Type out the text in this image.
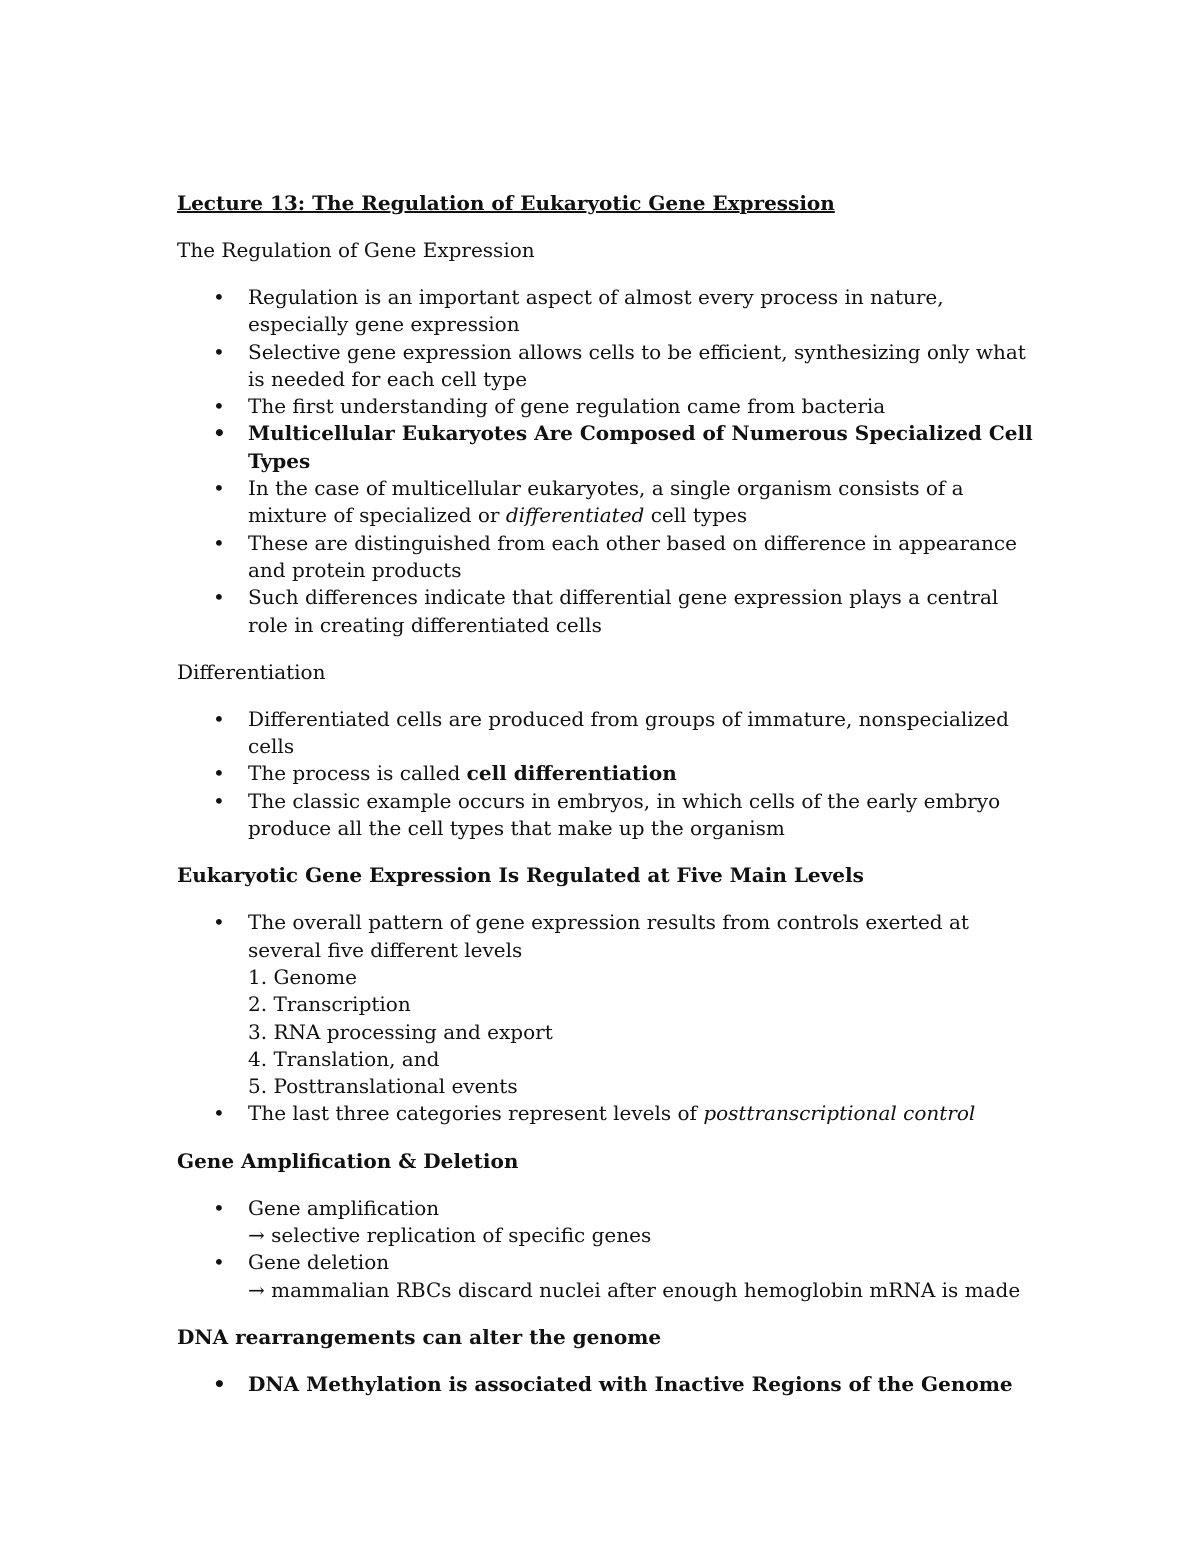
Lecture 13: The Regulation of Eukaryotic Gene Expression

The Regulation of Gene Expression

• Regulation is an important aspect of almost every process in nature,
especially gene expression
• Selective gene expression allows cells to be efficient, synthesizing only what
is needed for each cell type
• The first understanding of gene regulation came from bacteria
• Multicellular Eukaryotes Are Composed of Numerous Specialized Cell
Types
• In the case of multicellular eukaryotes, a single organism consists of a
mixture of specialized or differentiated cell types
• These are distinguished from each other based on difference in appearance
and protein products
• Such differences indicate that differential gene expression plays a central
role in creating differentiated cells

Differentiation

• Differentiated cells are produced from groups of immature, nonspecialized
cells
• The process is called cell differentiation
• The classic example occurs in embryos, in which cells of the early embryo
produce all the cell types that make up the organism

Eukaryotic Gene Expression Is Regulated at Five Main Levels

• The overall pattern of gene expression results from controls exerted at
several five different levels
1. Genome
2. Transcription
3. RNA processing and export
4. Translation, and
5. Posttranslational events
• The last three categories represent levels of posttranscriptional control

Gene Amplification & Deletion

• Gene amplification
→ selective replication of specific genes
• Gene deletion
→ mammalian RBCs discard nuclei after enough hemoglobin mRNA is made

DNA rearrangements can alter the genome

• DNA Methylation is associated with Inactive Regions of the Genome
